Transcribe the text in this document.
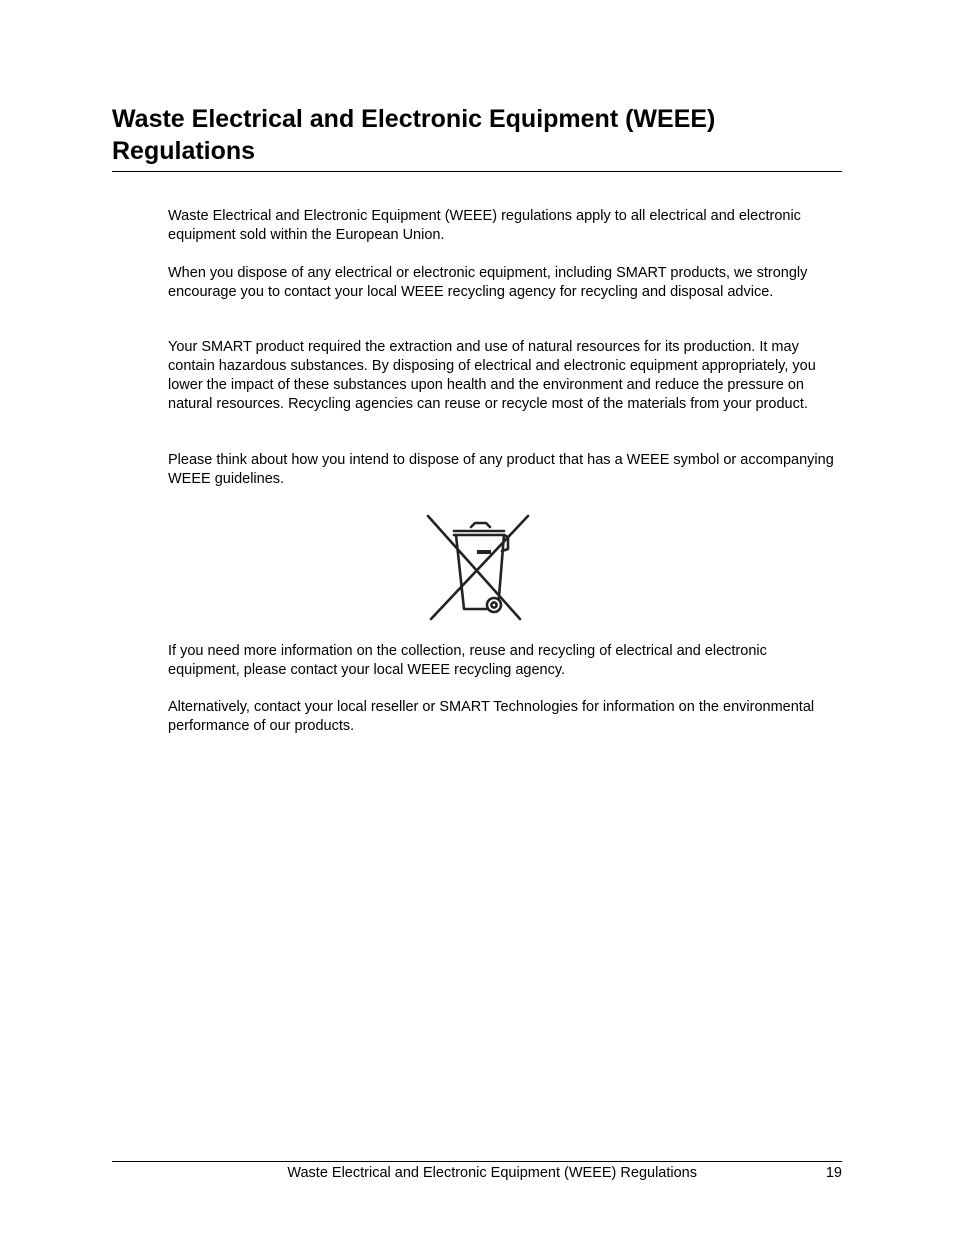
Waste Electrical and Electronic Equipment (WEEE) Regulations

Waste Electrical and Electronic Equipment (WEEE) regulations apply to all electrical and electronic equipment sold within the European Union.

When you dispose of any electrical or electronic equipment, including SMART products, we strongly encourage you to contact your local WEEE recycling agency for recycling and disposal advice.

Your SMART product required the extraction and use of natural resources for its production. It may contain hazardous substances. By disposing of electrical and electronic equipment appropriately, you lower the impact of these substances upon health and the environment and reduce the pressure on natural resources. Recycling agencies can reuse or recycle most of the materials from your product.

Please think about how you intend to dispose of any product that has a WEEE symbol or accompanying WEEE guidelines.

If you need more information on the collection, reuse and recycling of electrical and electronic equipment, please contact your local WEEE recycling agency.

Alternatively, contact your local reseller or SMART Technologies for information on the environmental performance of our products.

Waste Electrical and Electronic Equipment (WEEE) Regulations	19
